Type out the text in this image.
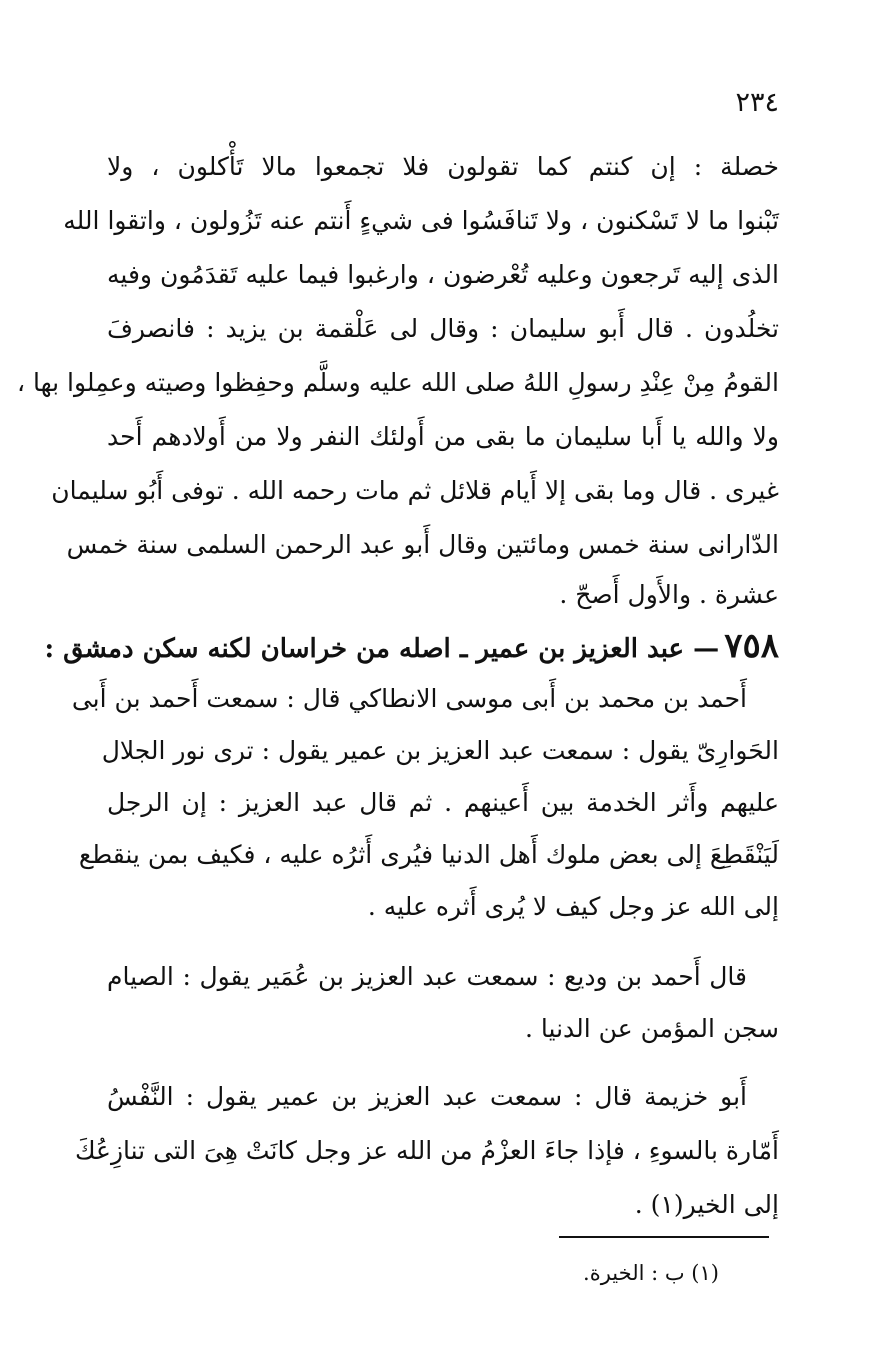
٢٣٤
خصلة : إن كنتم كما تقولون فلا تجمعوا مالا تَأْكلون ، ولا
تَبْنوا ما لا تَسْكنون ، ولا تَنافَسُوا فى شيءٍ أَنتم عنه تَزُولون ، واتقوا الله
الذى إليه تَرجعون وعليه تُعْرضون ، وارغبوا فيما عليه تَقدَمُون وفيه
تخلُدون . قال أَبو سليمان : وقال لى عَلْقمة بن يزيد : فانصرفَ
القومُ مِنْ عِنْدِ رسولِ اللهُ صلى الله عليه وسلَّم وحفِظوا وصيته وعمِلوا بها ،
ولا والله يا أَبا سليمان ما بقى من أَولئك النفر ولا من أَولادهم أَحد
غيرى . قال وما بقى إلا أَيام قلائل ثم مات رحمه الله . توفى أَبُو سليمان
الدّارانى سنة خمس ومائتين وقال أَبو عبد الرحمن السلمى سنة خمس
عشرة . والأَول أَصحّ .
٧٥٨ — عبد العزيز بن عمير ـ اصله من خراسان لكنه سكن دمشق :
أَحمد بن محمد بن أَبى موسى الانطاكي قال : سمعت أَحمد بن أَبى
الحَوارِىّ يقول : سمعت عبد العزيز بن عمير يقول : ترى نور الجلال
عليهم وأَثر الخدمة بين أَعينهم . ثم قال عبد العزيز : إن الرجل
لَيَنْقَطِعَ إلى بعض ملوك أَهل الدنيا فيُرى أَثرُه عليه ، فكيف بمن ينقطع
إلى الله عز وجل كيف لا يُرى أَثره عليه .
قال أَحمد بن وديع : سمعت عبد العزيز بن عُمَير يقول : الصيام
سجن المؤمن عن الدنيا .
(١) ب : الخيرة.
أَبو خزيمة قال : سمعت عبد العزيز بن عمير يقول : النَّفْسُ
أَمّارة بالسوءِ ، فإذا جاءَ العزْمُ من الله عز وجل كانَتْ هِىَ التى تنازِعُكَ
إلى الخير(١) .
